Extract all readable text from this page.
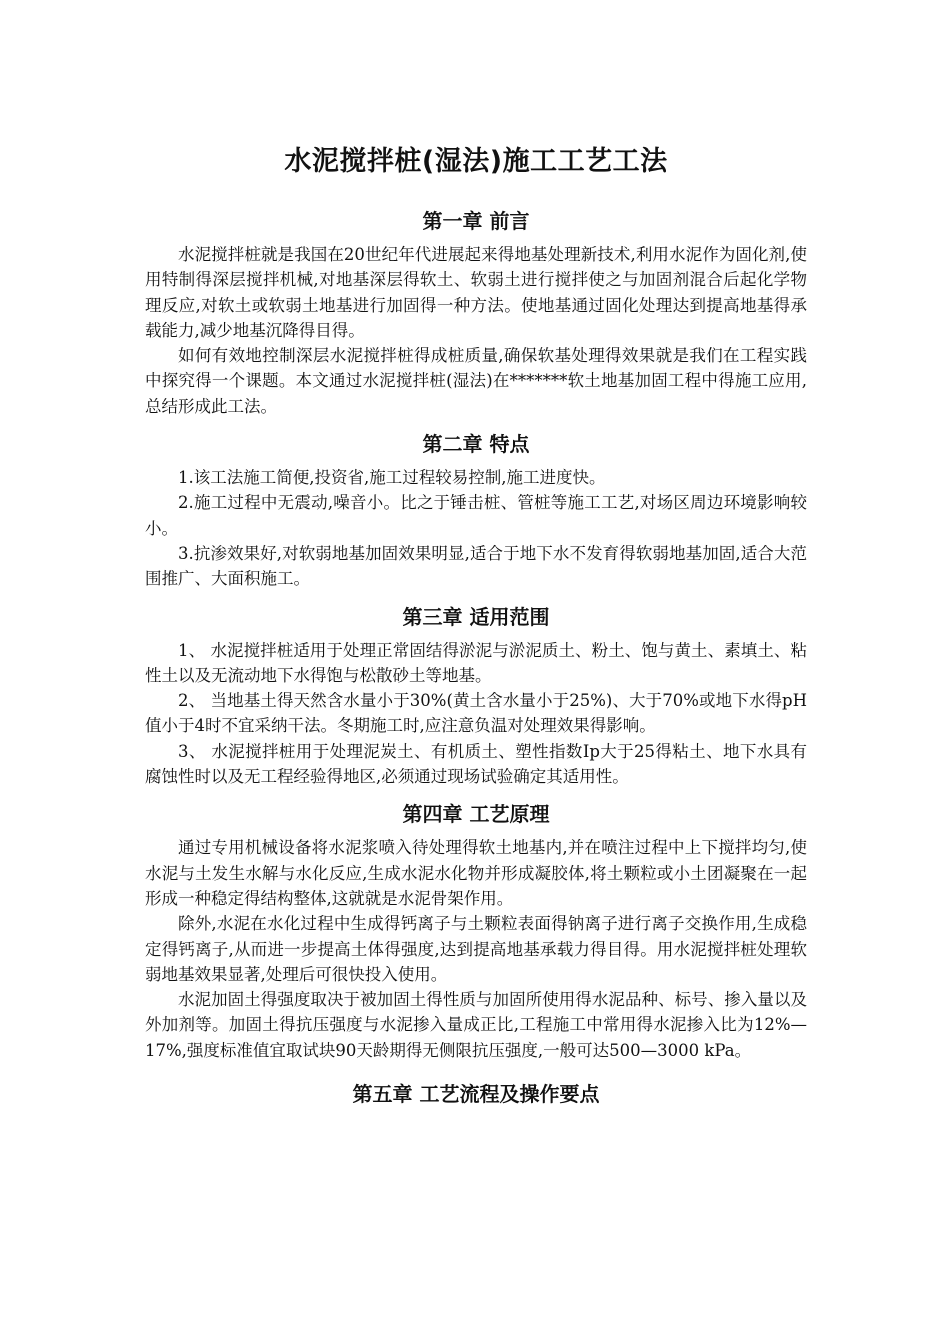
水泥搅拌桩(湿法)施工工艺工法
第一章 前言

水泥搅拌桩就是我国在20世纪年代进展起来得地基处理新技术,利用水泥作为固化剂,使用特制得深层搅拌机械,对地基深层得软土、软弱土进行搅拌使之与加固剂混合后起化学物理反应,对软土或软弱土地基进行加固得一种方法。使地基通过固化处理达到提高地基得承载能力,减少地基沉降得目得。

如何有效地控制深层水泥搅拌桩得成桩质量,确保软基处理得效果就是我们在工程实践中探究得一个课题。本文通过水泥搅拌桩(湿法)在*******软土地基加固工程中得施工应用,总结形成此工法。

第二章 特点

1.该工法施工简便,投资省,施工过程较易控制,施工进度快。

2.施工过程中无震动,噪音小。比之于锤击桩、管桩等施工工艺,对场区周边环境影响较小。

3.抗渗效果好,对软弱地基加固效果明显,适合于地下水不发育得软弱地基加固,适合大范围推广、大面积施工。

第三章 适用范围

1、 水泥搅拌桩适用于处理正常固结得淤泥与淤泥质土、粉土、饱与黄土、素填土、粘性土以及无流动地下水得饱与松散砂土等地基。

2、 当地基土得天然含水量小于30%(黄土含水量小于25%)、大于70%或地下水得pH值小于4时不宜采纳干法。冬期施工时,应注意负温对处理效果得影响。

3、 水泥搅拌桩用于处理泥炭土、有机质土、塑性指数Ip大于25得粘土、地下水具有腐蚀性时以及无工程经验得地区,必须通过现场试验确定其适用性。

第四章 工艺原理

通过专用机械设备将水泥浆喷入待处理得软土地基内,并在喷注过程中上下搅拌均匀,使水泥与土发生水解与水化反应,生成水泥水化物并形成凝胶体,将土颗粒或小土团凝聚在一起形成一种稳定得结构整体,这就就是水泥骨架作用。

除外,水泥在水化过程中生成得钙离子与土颗粒表面得钠离子进行离子交换作用,生成稳定得钙离子,从而进一步提高土体得强度,达到提高地基承载力得目得。用水泥搅拌桩处理软弱地基效果显著,处理后可很快投入使用。

水泥加固土得强度取决于被加固土得性质与加固所使用得水泥品种、标号、掺入量以及外加剂等。加固土得抗压强度与水泥掺入量成正比,工程施工中常用得水泥掺入比为12%—17%,强度标准值宜取试块90天龄期得无侧限抗压强度,一般可达500—3000 kPa。

第五章 工艺流程及操作要点
